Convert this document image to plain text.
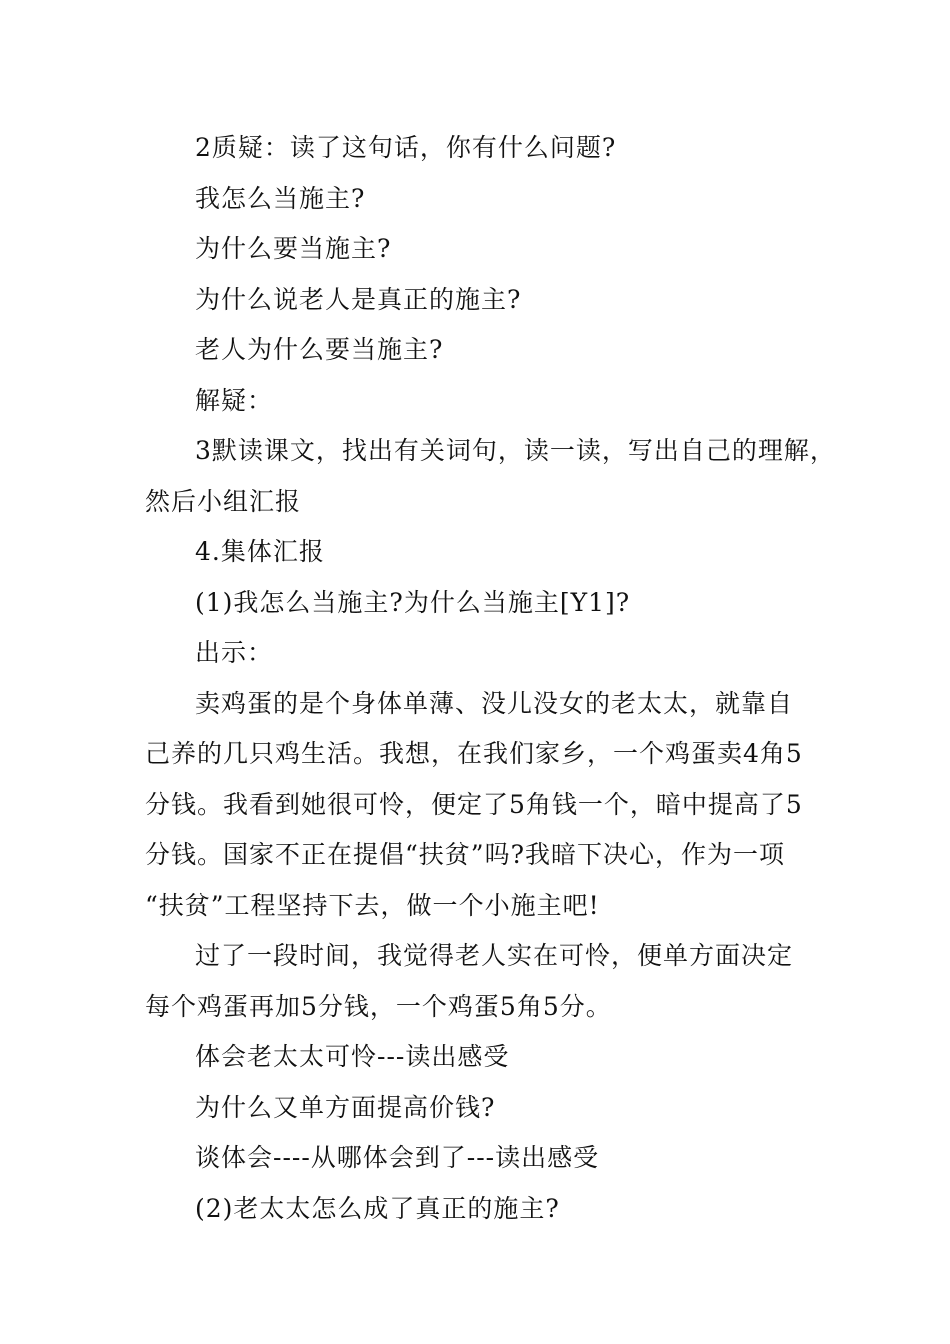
2质疑：读了这句话，你有什么问题?
我怎么当施主?
为什么要当施主?
为什么说老人是真正的施主?
老人为什么要当施主?
解疑：
3默读课文，找出有关词句，读一读，写出自己的理解，
然后小组汇报
4.集体汇报
(1)我怎么当施主?为什么当施主[Y1]?
出示：
卖鸡蛋的是个身体单薄、没儿没女的老太太，就靠自
己养的几只鸡生活。我想，在我们家乡，一个鸡蛋卖4角5
分钱。我看到她很可怜，便定了5角钱一个，暗中提高了5
分钱。国家不正在提倡“扶贫”吗?我暗下决心，作为一项
“扶贫”工程坚持下去，做一个小施主吧!
过了一段时间，我觉得老人实在可怜，便单方面决定
每个鸡蛋再加5分钱，一个鸡蛋5角5分。
体会老太太可怜---读出感受
为什么又单方面提高价钱?
谈体会----从哪体会到了---读出感受
(2)老太太怎么成了真正的施主?
